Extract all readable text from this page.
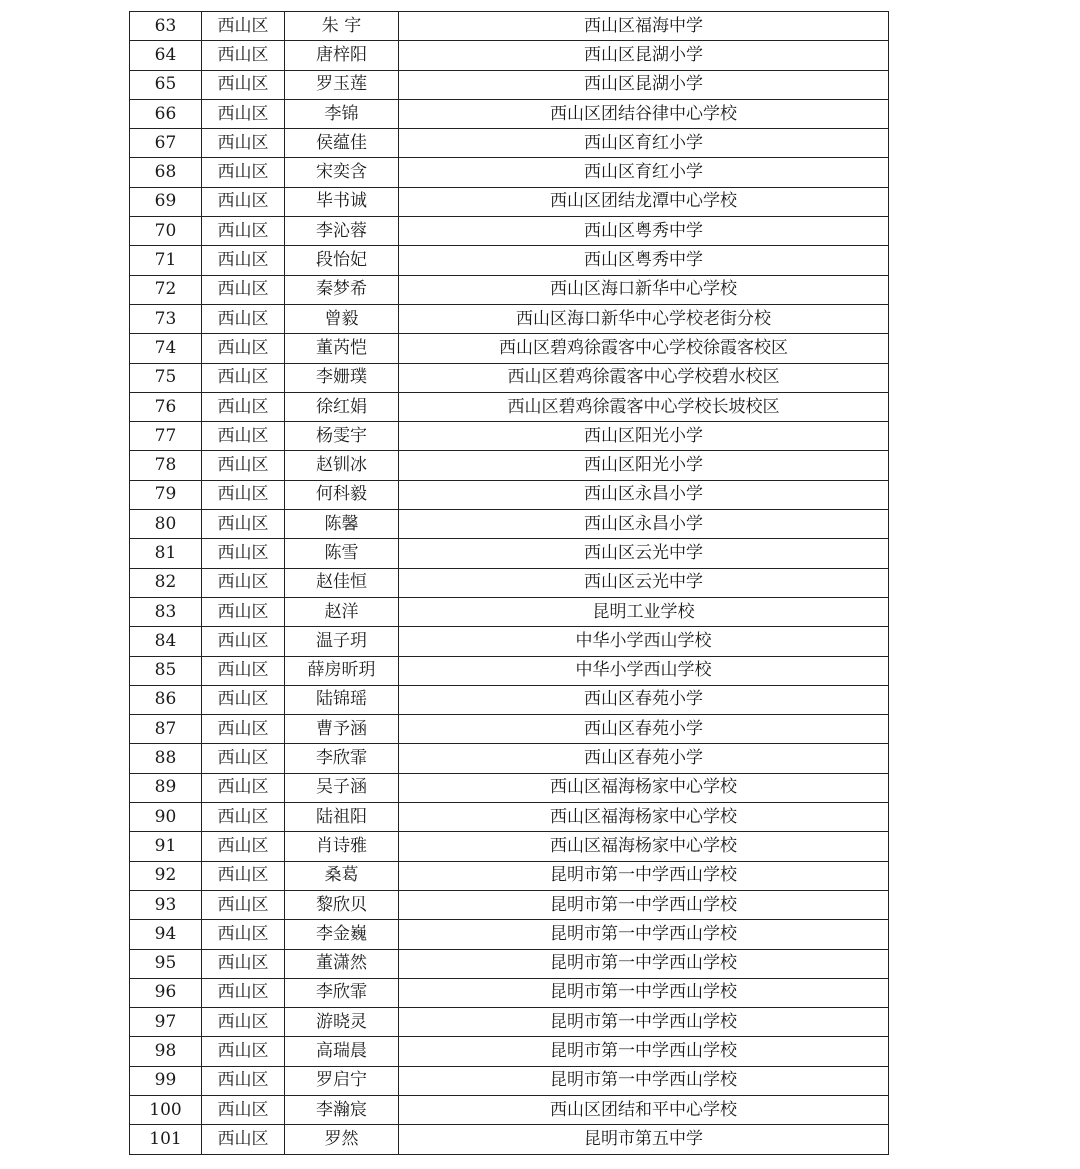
63	西山区	朱 宇	西山区福海中学
64	西山区	唐梓阳	西山区昆湖小学
65	西山区	罗玉莲	西山区昆湖小学
66	西山区	李锦	西山区团结谷律中心学校
67	西山区	侯蕴佳	西山区育红小学
68	西山区	宋奕含	西山区育红小学
69	西山区	毕书诚	西山区团结龙潭中心学校
70	西山区	李沁蓉	西山区粤秀中学
71	西山区	段怡妃	西山区粤秀中学
72	西山区	秦梦希	西山区海口新华中心学校
73	西山区	曾毅	西山区海口新华中心学校老街分校
74	西山区	董芮恺	西山区碧鸡徐霞客中心学校徐霞客校区
75	西山区	李姗璞	西山区碧鸡徐霞客中心学校碧水校区
76	西山区	徐红娟	西山区碧鸡徐霞客中心学校长坡校区
77	西山区	杨雯宇	西山区阳光小学
78	西山区	赵钏冰	西山区阳光小学
79	西山区	何科毅	西山区永昌小学
80	西山区	陈馨	西山区永昌小学
81	西山区	陈雪	西山区云光中学
82	西山区	赵佳恒	西山区云光中学
83	西山区	赵洋	昆明工业学校
84	西山区	温子玥	中华小学西山学校
85	西山区	薛房昕玥	中华小学西山学校
86	西山区	陆锦瑶	西山区春苑小学
87	西山区	曹予涵	西山区春苑小学
88	西山区	李欣霏	西山区春苑小学
89	西山区	吴子涵	西山区福海杨家中心学校
90	西山区	陆祖阳	西山区福海杨家中心学校
91	西山区	肖诗雅	西山区福海杨家中心学校
92	西山区	桑葛	昆明市第一中学西山学校
93	西山区	黎欣贝	昆明市第一中学西山学校
94	西山区	李金巍	昆明市第一中学西山学校
95	西山区	董潇然	昆明市第一中学西山学校
96	西山区	李欣霏	昆明市第一中学西山学校
97	西山区	游晓灵	昆明市第一中学西山学校
98	西山区	高瑞晨	昆明市第一中学西山学校
99	西山区	罗启宁	昆明市第一中学西山学校
100	西山区	李瀚宸	西山区团结和平中心学校
101	西山区	罗然	昆明市第五中学
